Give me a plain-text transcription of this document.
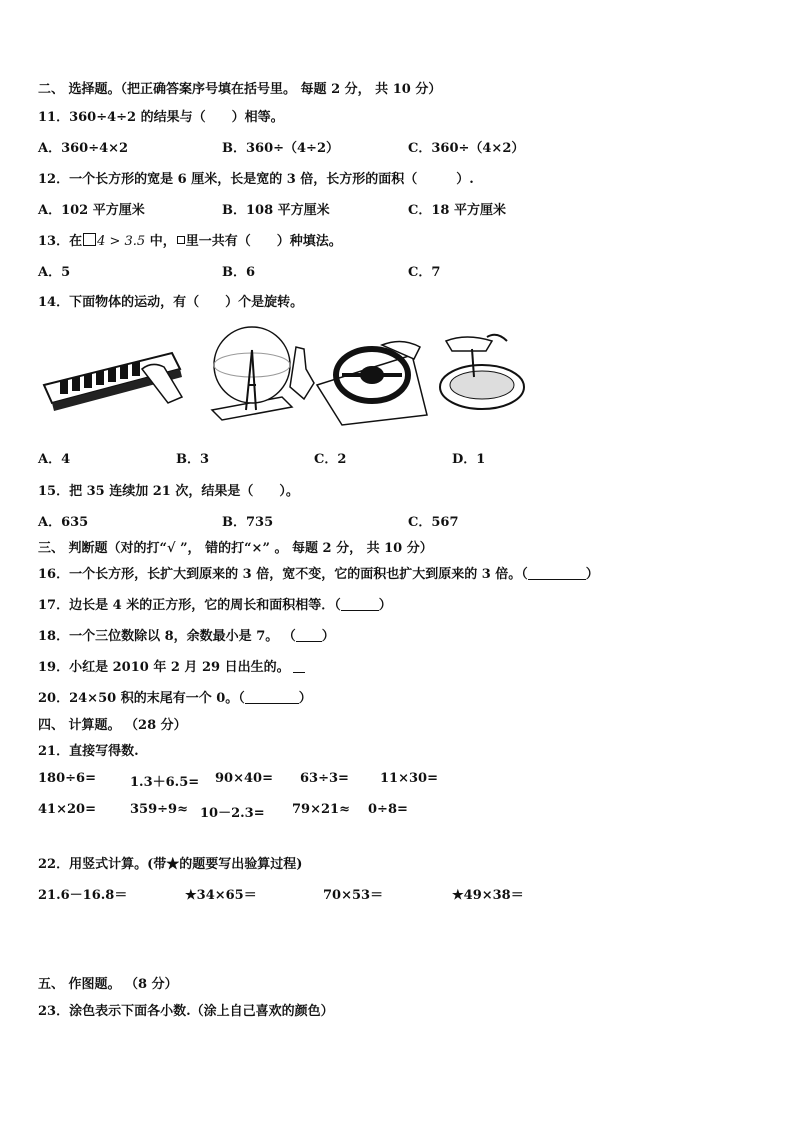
二、 选择题。（把正确答案序号填在括号里。 每题 2 分， 共 10 分）
11．360÷4÷2 的结果与（　　）相等。
A．360÷4×2	B．360÷（4÷2）	C．360÷（4×2）
12．一个长方形的宽是 6 厘米，长是宽的 3 倍，长方形的面积（　　　）.
A．102 平方厘米	B．108 平方厘米	C．18 平方厘米
13．在 4 > 3.5 中， 里一共有（　　）种填法。
A．5	B．6	C．7
14．下面物体的运动，有（　　）个是旋转。
A．4	B．3	C．2	D．1
15．把 35 连续加 21 次，结果是（　　）。
A．635	B．735	C．567
三、 判断题（对的打“√ ”， 错的打“×” 。 每题 2 分， 共 10 分）
16．一个长方形，长扩大到原来的 3 倍，宽不变，它的面积也扩大到原来的 3 倍。（	）
17．边长是 4 米的正方形，它的周长和面积相等．（	）
18．一个三位数除以 8，余数最小是 7。 （ ）
19．小红是 2010 年 2 月 29 日出生的。
20．24×50 积的末尾有一个 0。（	）
四、 计算题。 （28 分）
21．直接写得数.
180÷6=	1.3＋6.5= 90×40= 63÷3= 11×30=
41×20=	359÷9≈ 10－2.3= 79×21≈ 0÷8=
22．用竖式计算。(带★的题要写出验算过程)
21.6－16.8＝	★34×65＝	70×53＝	★49×38＝
五、 作图题。 （8 分）
23．涂色表示下面各小数.（涂上自己喜欢的颜色）
